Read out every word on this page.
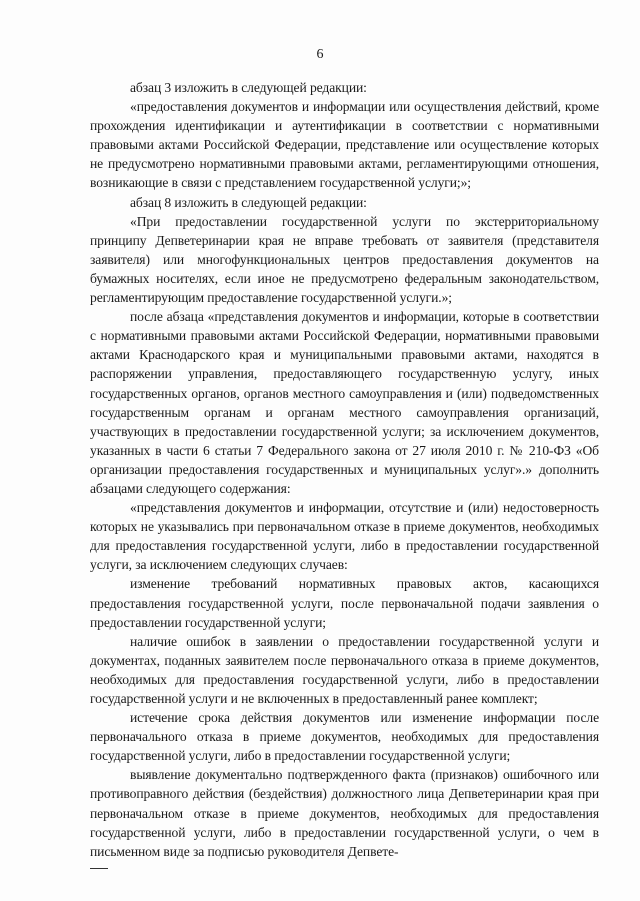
6

абзац 3 изложить в следующей редакции:

«предоставления документов и информации или осуществления действий, кроме прохождения идентификации и аутентификации в соответствии с нормативными правовыми актами Российской Федерации, представление или осуществление которых не предусмотрено нормативными правовыми актами, регламентирующими отношения, возникающие в связи с представлением государственной услуги;»;

абзац 8 изложить в следующей редакции:

«При предоставлении государственной услуги по экстерриториальному принципу Депветеринарии края не вправе требовать от заявителя (представителя заявителя) или многофункциональных центров предоставления документов на бумажных носителях, если иное не предусмотрено федеральным законодательством, регламентирующим предоставление государственной услуги.»;

после абзаца «представления документов и информации, которые в соответствии с нормативными правовыми актами Российской Федерации, нормативными правовыми актами Краснодарского края и муниципальными правовыми актами, находятся в распоряжении управления, предоставляющего государственную услугу, иных государственных органов, органов местного самоуправления и (или) подведомственных государственным органам и органам местного самоуправления организаций, участвующих в предоставлении государственной услуги; за исключением документов, указанных в части 6 статьи 7 Федерального закона от 27 июля 2010 г. № 210-ФЗ «Об организации предоставления государственных и муниципальных услуг».» дополнить абзацами следующего содержания:

«представления документов и информации, отсутствие и (или) недостоверность которых не указывались при первоначальном отказе в приеме документов, необходимых для предоставления государственной услуги, либо в предоставлении государственной услуги, за исключением следующих случаев:

изменение требований нормативных правовых актов, касающихся предоставления государственной услуги, после первоначальной подачи заявления о предоставлении государственной услуги;

наличие ошибок в заявлении о предоставлении государственной услуги и документах, поданных заявителем после первоначального отказа в приеме документов, необходимых для предоставления государственной услуги, либо в предоставлении государственной услуги и не включенных в предоставленный ранее комплект;

истечение срока действия документов или изменение информации после первоначального отказа в приеме документов, необходимых для предоставления государственной услуги, либо в предоставлении государственной услуги;

выявление документально подтвержденного факта (признаков) ошибочного или противоправного действия (бездействия) должностного лица Депветеринарии края при первоначальном отказе в приеме документов, необходимых для предоставления государственной услуги, либо в предоставлении государственной услуги, о чем в письменном виде за подписью руководителя Депвете-
